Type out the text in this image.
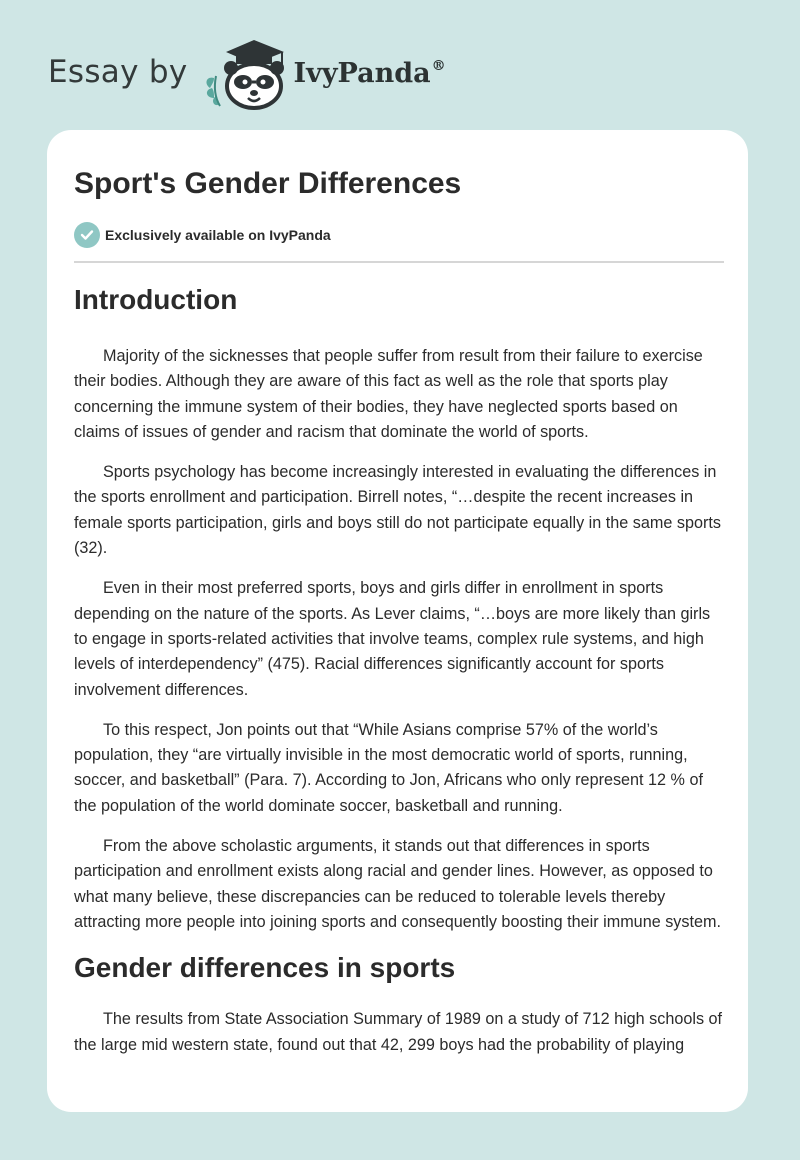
Essay by	IvyPanda®
Sport's Gender Differences
Exclusively available on IvyPanda
Introduction

Majority of the sicknesses that people suffer from result from their failure to exercise their bodies. Although they are aware of this fact as well as the role that sports play concerning the immune system of their bodies, they have neglected sports based on claims of issues of gender and racism that dominate the world of sports.

Sports psychology has become increasingly interested in evaluating the differences in the sports enrollment and participation. Birrell notes, “…despite the recent increases in female sports participation, girls and boys still do not participate equally in the same sports (32).

Even in their most preferred sports, boys and girls differ in enrollment in sports depending on the nature of the sports. As Lever claims, “…boys are more likely than girls to engage in sports-related activities that involve teams, complex rule systems, and high levels of interdependency” (475). Racial differences significantly account for sports involvement differences.

To this respect, Jon points out that “While Asians comprise 57% of the world’s population, they “are virtually invisible in the most democratic world of sports, running, soccer, and basketball” (Para. 7). According to Jon, Africans who only represent 12 % of the population of the world dominate soccer, basketball and running.

From the above scholastic arguments, it stands out that differences in sports participation and enrollment exists along racial and gender lines. However, as opposed to what many believe, these discrepancies can be reduced to tolerable levels thereby attracting more people into joining sports and consequently boosting their immune system.

Gender differences in sports

The results from State Association Summary of 1989 on a study of 712 high schools of the large mid western state, found out that 42, 299 boys had the probability of playing
